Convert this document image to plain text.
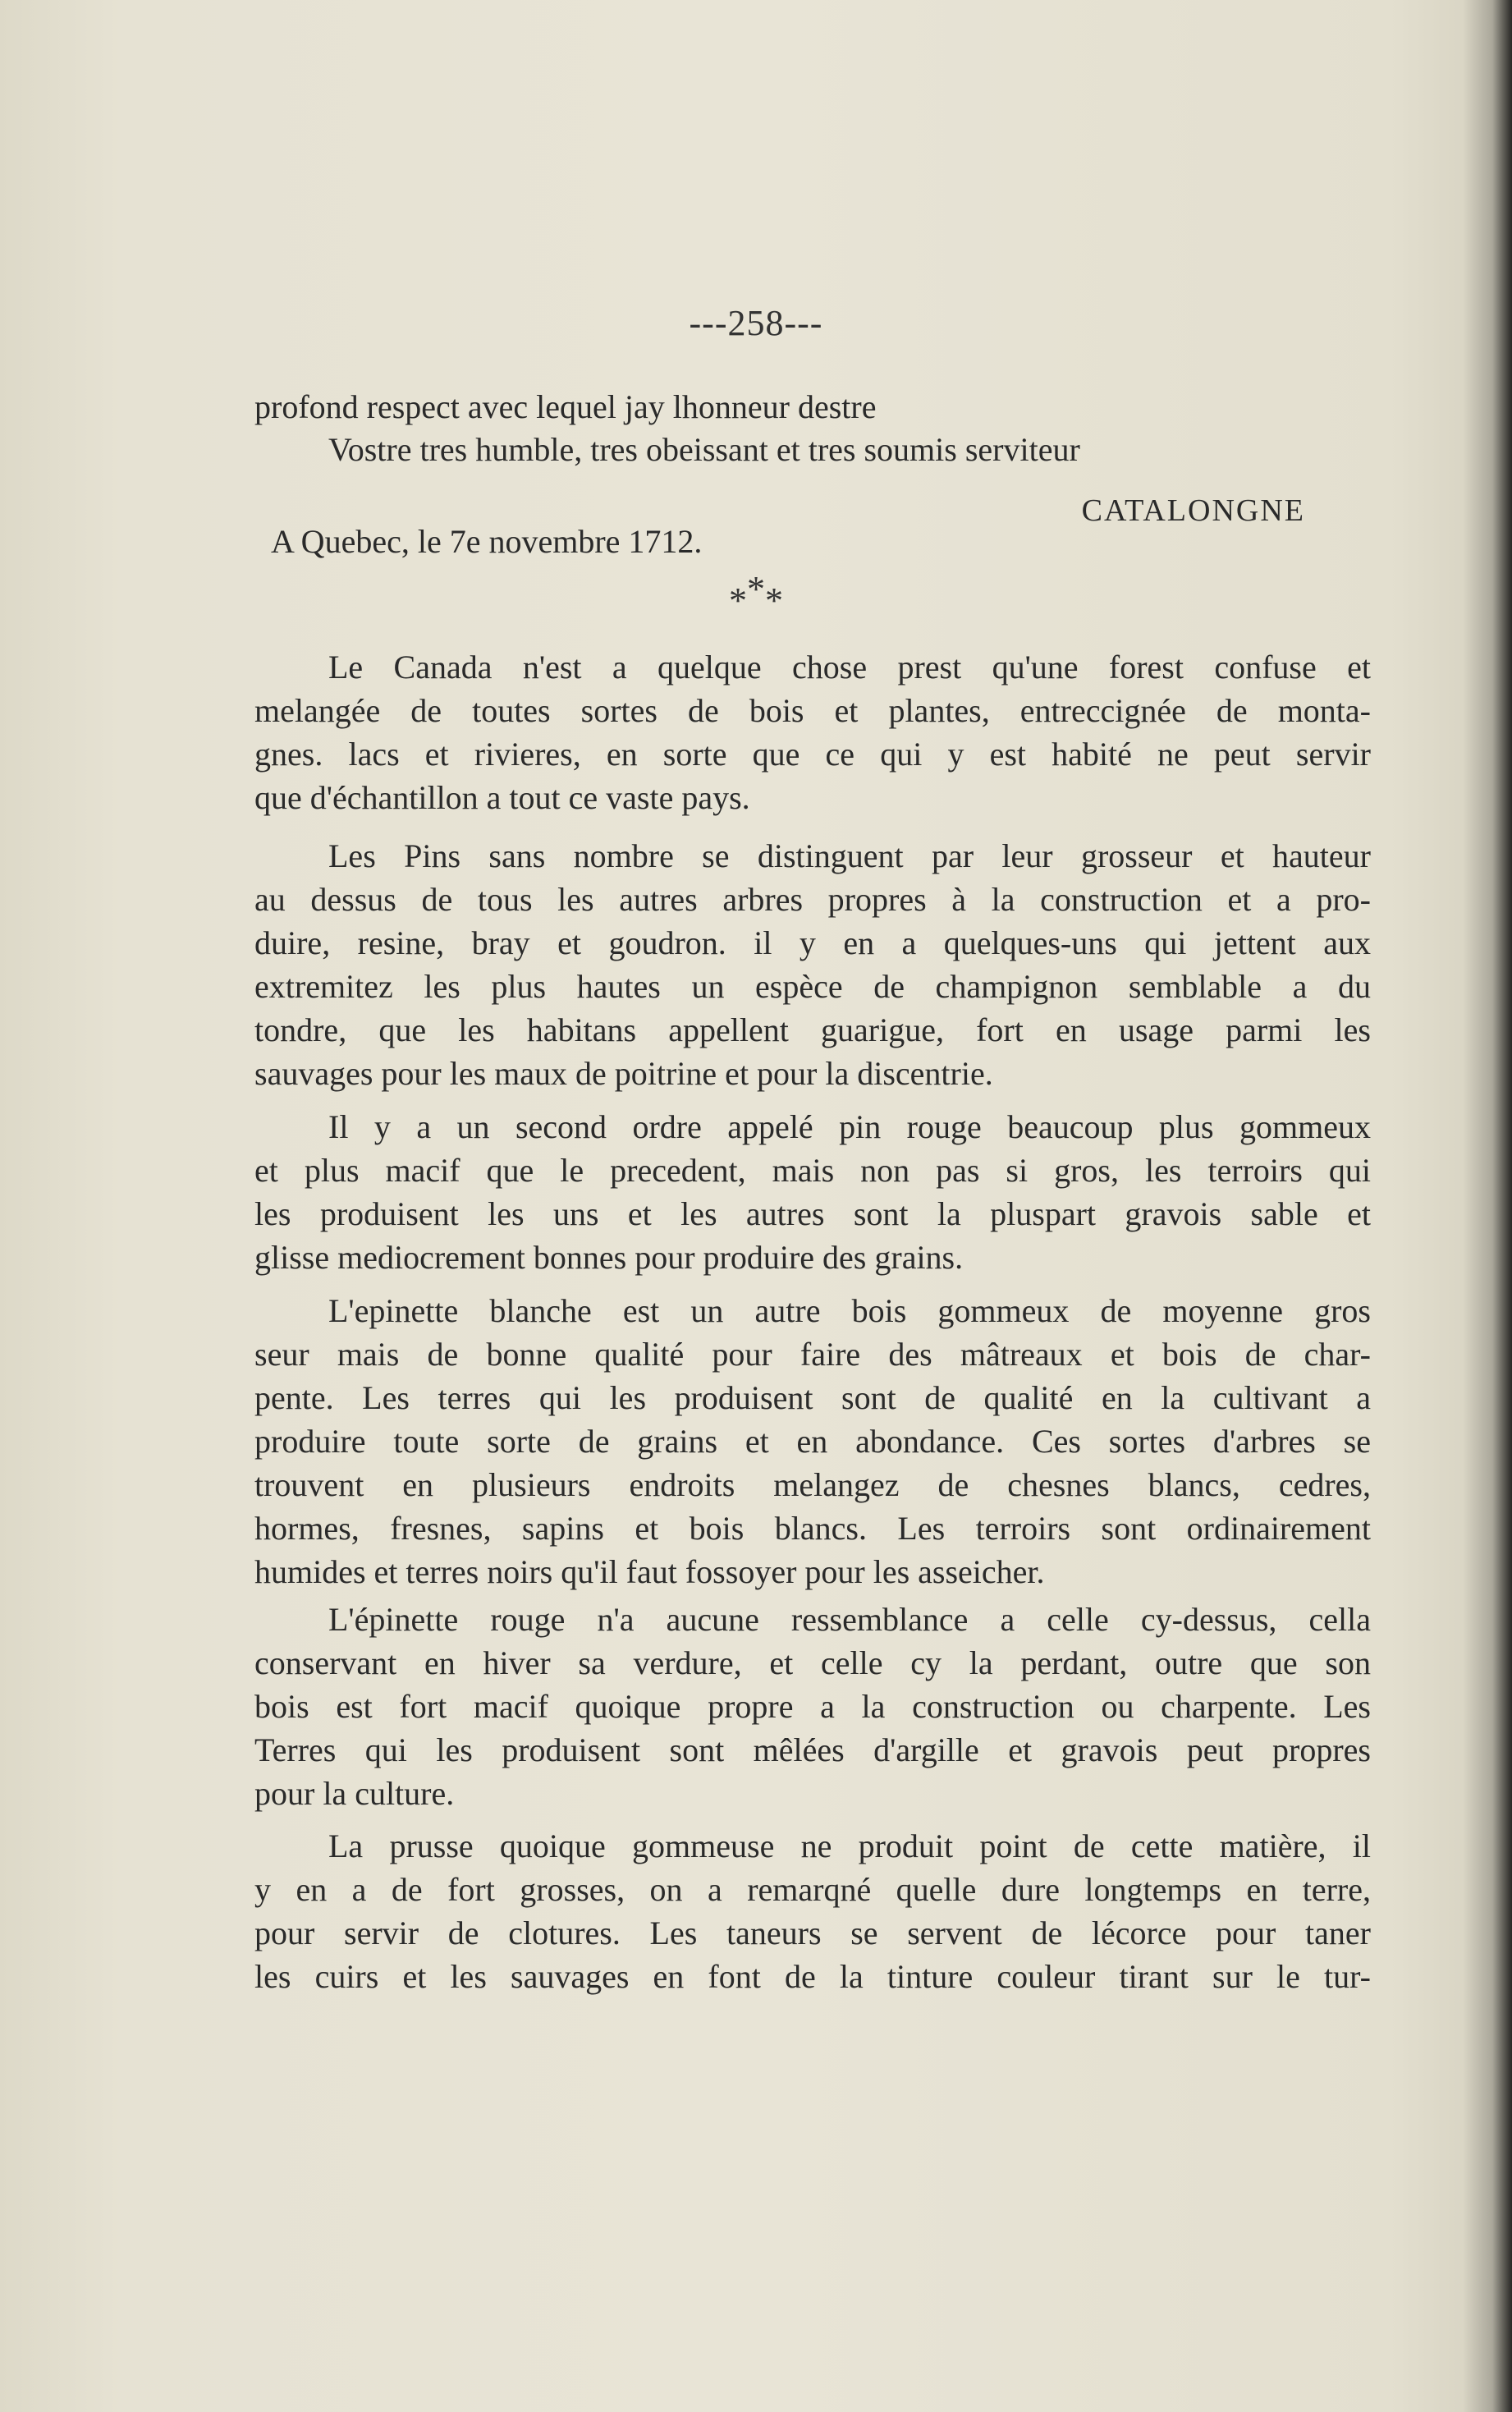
---258---
profond respect avec lequel jay lhonneur destre
Vostre tres humble, tres obeissant et tres soumis serviteur
A Quebec, le 7e novembre 1712.
CATALONGNE
***
Le Canada n'est a quelque chose prest qu'une forest confuse et
melangée de toutes sortes de bois et plantes, entreccignée de monta-
gnes. lacs et rivieres, en sorte que ce qui y est habité ne peut servir
que d'échantillon a tout ce vaste pays.
Les Pins sans nombre se distinguent par leur grosseur et hauteur
au dessus de tous les autres arbres propres à la construction et a pro-
duire, resine, bray et goudron. il y en a quelques-uns qui jettent aux
extremitez les plus hautes un espèce de champignon semblable a du
tondre, que les habitans appellent guarigue, fort en usage parmi les
sauvages pour les maux de poitrine et pour la discentrie.
Il y a un second ordre appelé pin rouge beaucoup plus gommeux
et plus macif que le precedent, mais non pas si gros, les terroirs qui
les produisent les uns et les autres sont la pluspart gravois sable et
glisse mediocrement bonnes pour produire des grains.
L'epinette blanche est un autre bois gommeux de moyenne gros
seur mais de bonne qualité pour faire des mâtreaux et bois de char-
pente. Les terres qui les produisent sont de qualité en la cultivant a
produire toute sorte de grains et en abondance. Ces sortes d'arbres se
trouvent en plusieurs endroits melangez de chesnes blancs, cedres,
hormes, fresnes, sapins et bois blancs. Les terroirs sont ordinairement
humides et terres noirs qu'il faut fossoyer pour les asseicher.
L'épinette rouge n'a aucune ressemblance a celle cy-dessus, cella
conservant en hiver sa verdure, et celle cy la perdant, outre que son
bois est fort macif quoique propre a la construction ou charpente. Les
Terres qui les produisent sont mêlées d'argille et gravois peut propres
pour la culture.
La prusse quoique gommeuse ne produit point de cette matière, il
y en a de fort grosses, on a remarqné quelle dure longtemps en terre,
pour servir de clotures. Les taneurs se servent de lécorce pour taner
les cuirs et les sauvages en font de la tinture couleur tirant sur le tur-
